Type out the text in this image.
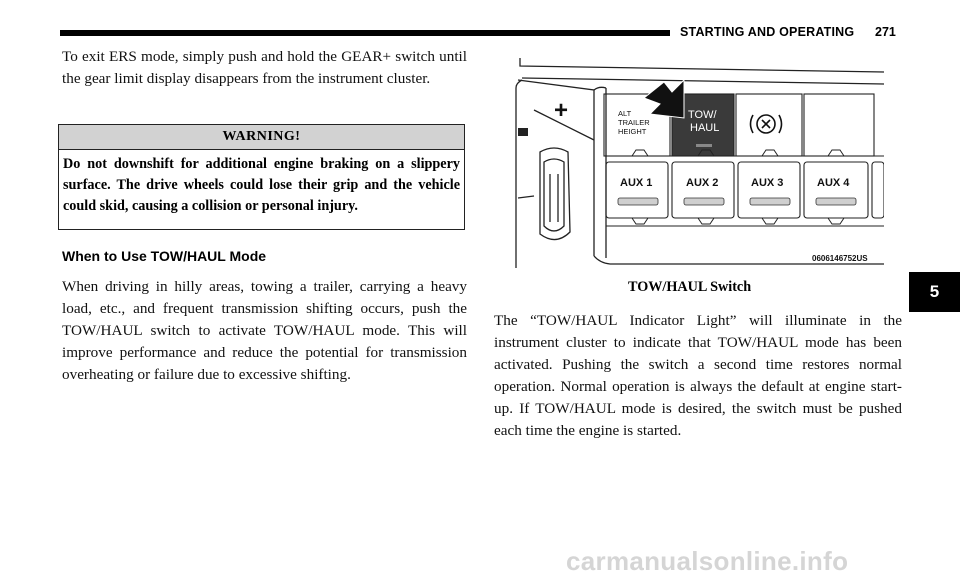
STARTING AND OPERATING 271
To exit ERS mode, simply push and hold the GEAR+ switch until the gear limit display disappears from the instrument cluster.
WARNING!
Do not downshift for additional engine braking on a slippery surface. The drive wheels could lose their grip and the vehicle could skid, causing a collision or personal injury.
When to Use TOW/HAUL Mode
When driving in hilly areas, towing a trailer, carrying a heavy load, etc., and frequent transmission shifting occurs, push the TOW/HAUL switch to activate TOW/HAUL mode. This will improve performance and reduce the potential for transmission overheating or failure due to excessive shifting.
+	ALT TRAILER HEIGHT
TOW/ HAUL
AUX 1	AUX 2	AUX 3	AUX 4
0606146752US
TOW/HAUL Switch
The “TOW/HAUL Indicator Light” will illuminate in the instrument cluster to indicate that TOW/HAUL mode has been activated. Pushing the switch a second time restores normal operation. Normal operation is always the default at engine start-up. If TOW/HAUL mode is desired, the switch must be pushed each time the engine is started.
5
carmanualsonline.info
